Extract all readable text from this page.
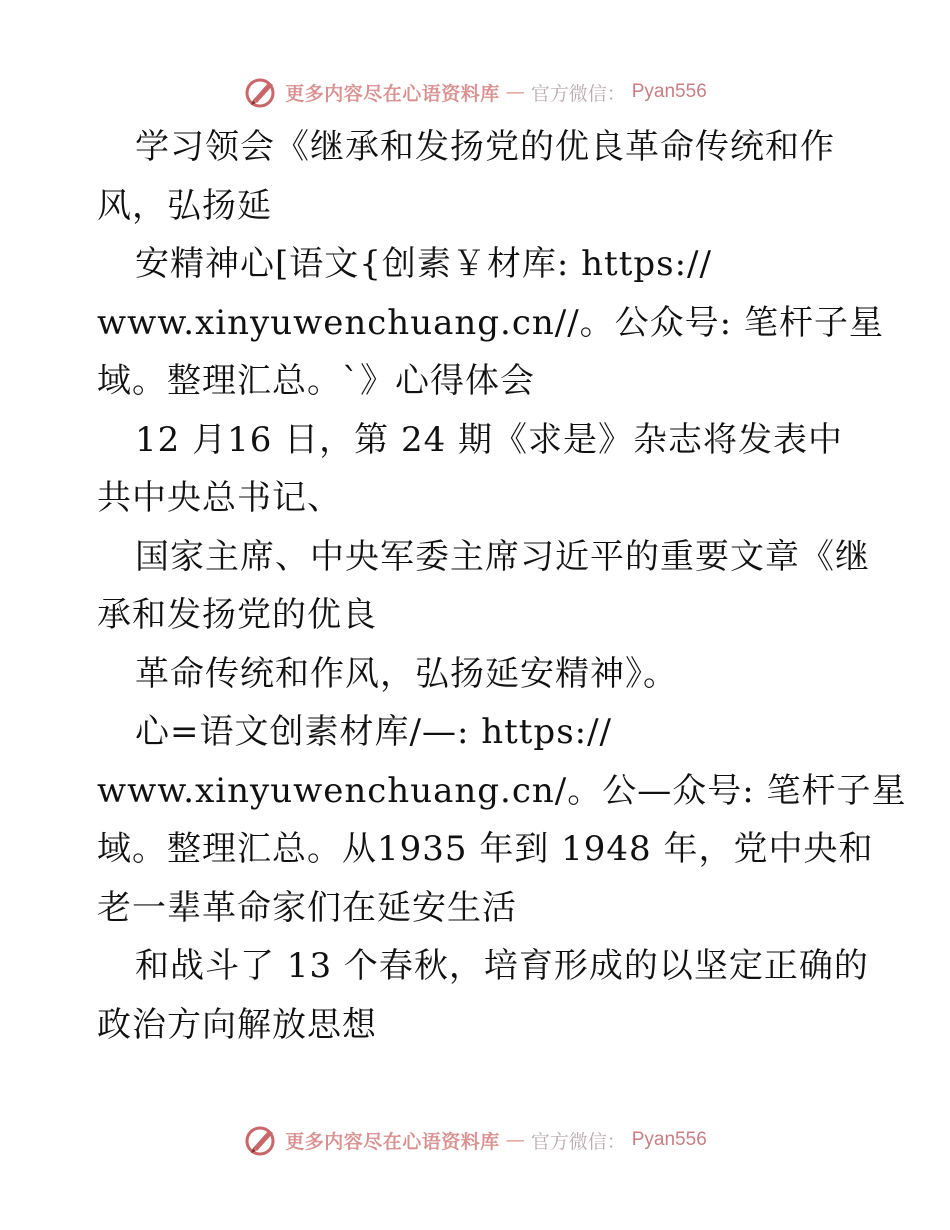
更多内容尽在心语资料库 — 官方微信： Pyan556
学习领会《继承和发扬党的优良革命传统和作
风，弘扬延
安精神心[语文{创素￥材库: https://
www.xinyuwenchuang.cn//。公众号: 笔杆子星
域。整理汇总。`》心得体会
12 月16 日，第 24 期《求是》杂志将发表中
共中央总书记、
国家主席、中央军委主席习近平的重要文章《继
承和发扬党的优良
革命传统和作风，弘扬延安精神》。
心=语文创素材库/—: https://
www.xinyuwenchuang.cn/。公—众号: 笔杆子星
域。整理汇总。从1935 年到 1948 年，党中央和
老一辈革命家们在延安生活
和战斗了 13 个春秋，培育形成的以坚定正确的
政治方向解放思想
更多内容尽在心语资料库 — 官方微信： Pyan556
